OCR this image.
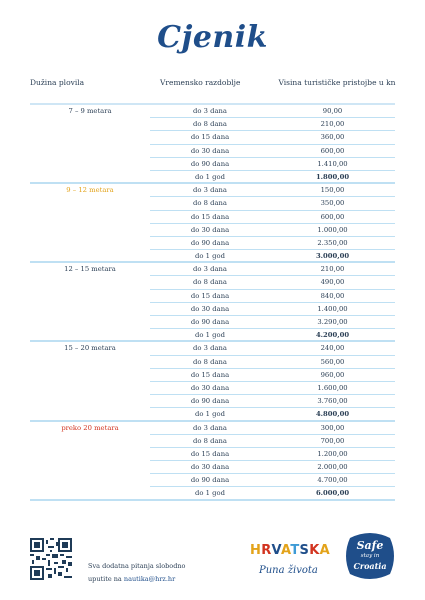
Cjenik
Dužina plovila	Vremensko razdoblje	Visina turističke pristojbe u kn
7 – 9 metara	do 3 dana	90,00
do 8 dana	210,00
do 15 dana	360,00
do 30 dana	600,00
do 90 dana	1.410,00
do 1 god	1.800,00
9 – 12 metara	do 3 dana	150,00
do 8 dana	350,00
do 15 dana	600,00
do 30 dana	1.000,00
do 90 dana	2.350,00
do 1 god	3.000,00
12 – 15 metara	do 3 dana	210,00
do 8 dana	490,00
do 15 dana	840,00
do 30 dana	1.400,00
do 90 dana	3.290,00
do 1 god	4.200,00
15 – 20 metara	do 3 dana	240,00
do 8 dana	560,00
do 15 dana	960,00
do 30 dana	1.600,00
do 90 dana	3.760,00
do 1 god	4.800,00
preko 20 metara	do 3 dana	300,00
do 8 dana	700,00
do 15 dana	1.200,00
do 30 dana	2.000,00
do 90 dana	4.700,00
do 1 god	6.000,00
Sva dodatna pitanja slobodno
uputite na nautika@hrz.hr
HRVATSKA
Puna života
Safe
stay in
Croatia
